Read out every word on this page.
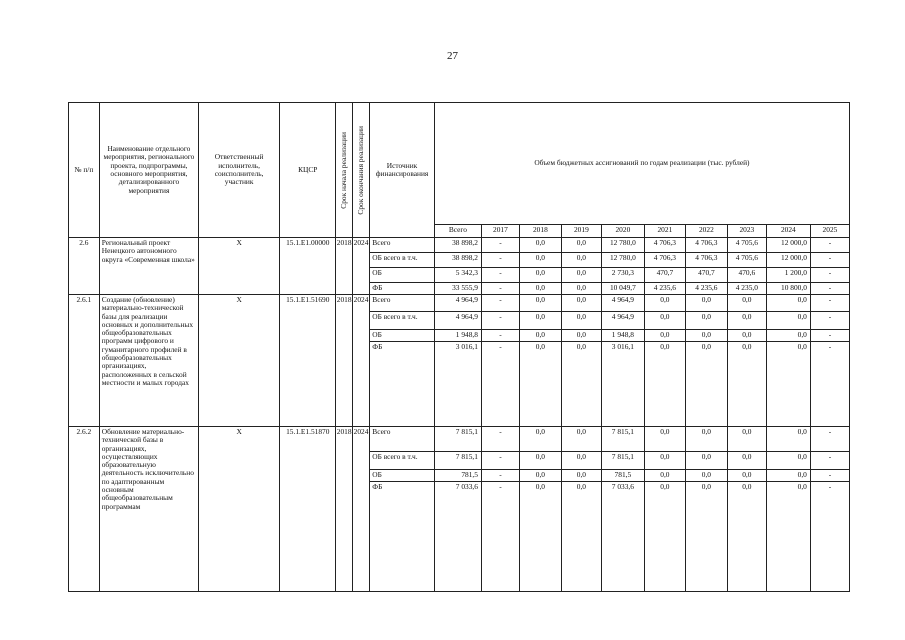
27
№ п/п	Наименование отдельного мероприятия, регионального проекта, подпрограммы, основного мероприятия, детализированного мероприятия	Ответственный исполнитель, соисполнитель, участник	КЦСР	Срок начала реализации	Срок окончания реализации	Источник финансирования	Объем бюджетных ассигнований по годам реализации (тыс. рублей)									
							Всего	2017	2018	2019	2020	2021	2022	2023	2024	2025
2.6	Региональный проект Ненецкого автономного округа «Современная школа»	Х	15.1.Е1.00000	2018	2024	Всего	38 898,2	-	0,0	0,0	12 780,0	4 706,3	4 706,3	4 705,6	12 000,0	-
						ОБ всего в т.ч.	38 898,2	-	0,0	0,0	12 780,0	4 706,3	4 706,3	4 705,6	12 000,0	-
						ОБ	5 342,3	-	0,0	0,0	2 730,3	470,7	470,7	470,6	1 200,0	-
						ФБ	33 555,9	-	0,0	0,0	10 049,7	4 235,6	4 235,6	4 235,0	10 800,0	-
2.6.1	Создание (обновление) материально-технической базы для реализации основных и дополнительных общеобразовательных программ цифрового и гуманитарного профилей в общеобразовательных организациях, расположенных в сельской местности и малых городах	Х	15.1.Е1.51690	2018	2024	Всего	4 964,9	-	0,0	0,0	4 964,9	0,0	0,0	0,0	0,0	-
						ОБ всего в т.ч.	4 964,9	-	0,0	0,0	4 964,9	0,0	0,0	0,0	0,0	-
						ОБ	1 948,8	-	0,0	0,0	1 948,8	0,0	0,0	0,0	0,0	-
						ФБ	3 016,1	-	0,0	0,0	3 016,1	0,0	0,0	0,0	0,0	-
2.6.2	Обновление материально-технической базы в организациях, осуществляющих образовательную деятельность исключительно по адаптированным основным общеобразовательным программам	Х	15.1.Е1.51870	2018	2024	Всего	7 815,1	-	0,0	0,0	7 815,1	0,0	0,0	0,0	0,0	-
						ОБ всего в т.ч.	7 815,1	-	0,0	0,0	7 815,1	0,0	0,0	0,0	0,0	-
						ОБ	781,5	-	0,0	0,0	781,5	0,0	0,0	0,0	0,0	-
						ФБ	7 033,6	-	0,0	0,0	7 033,6	0,0	0,0	0,0	0,0	-
